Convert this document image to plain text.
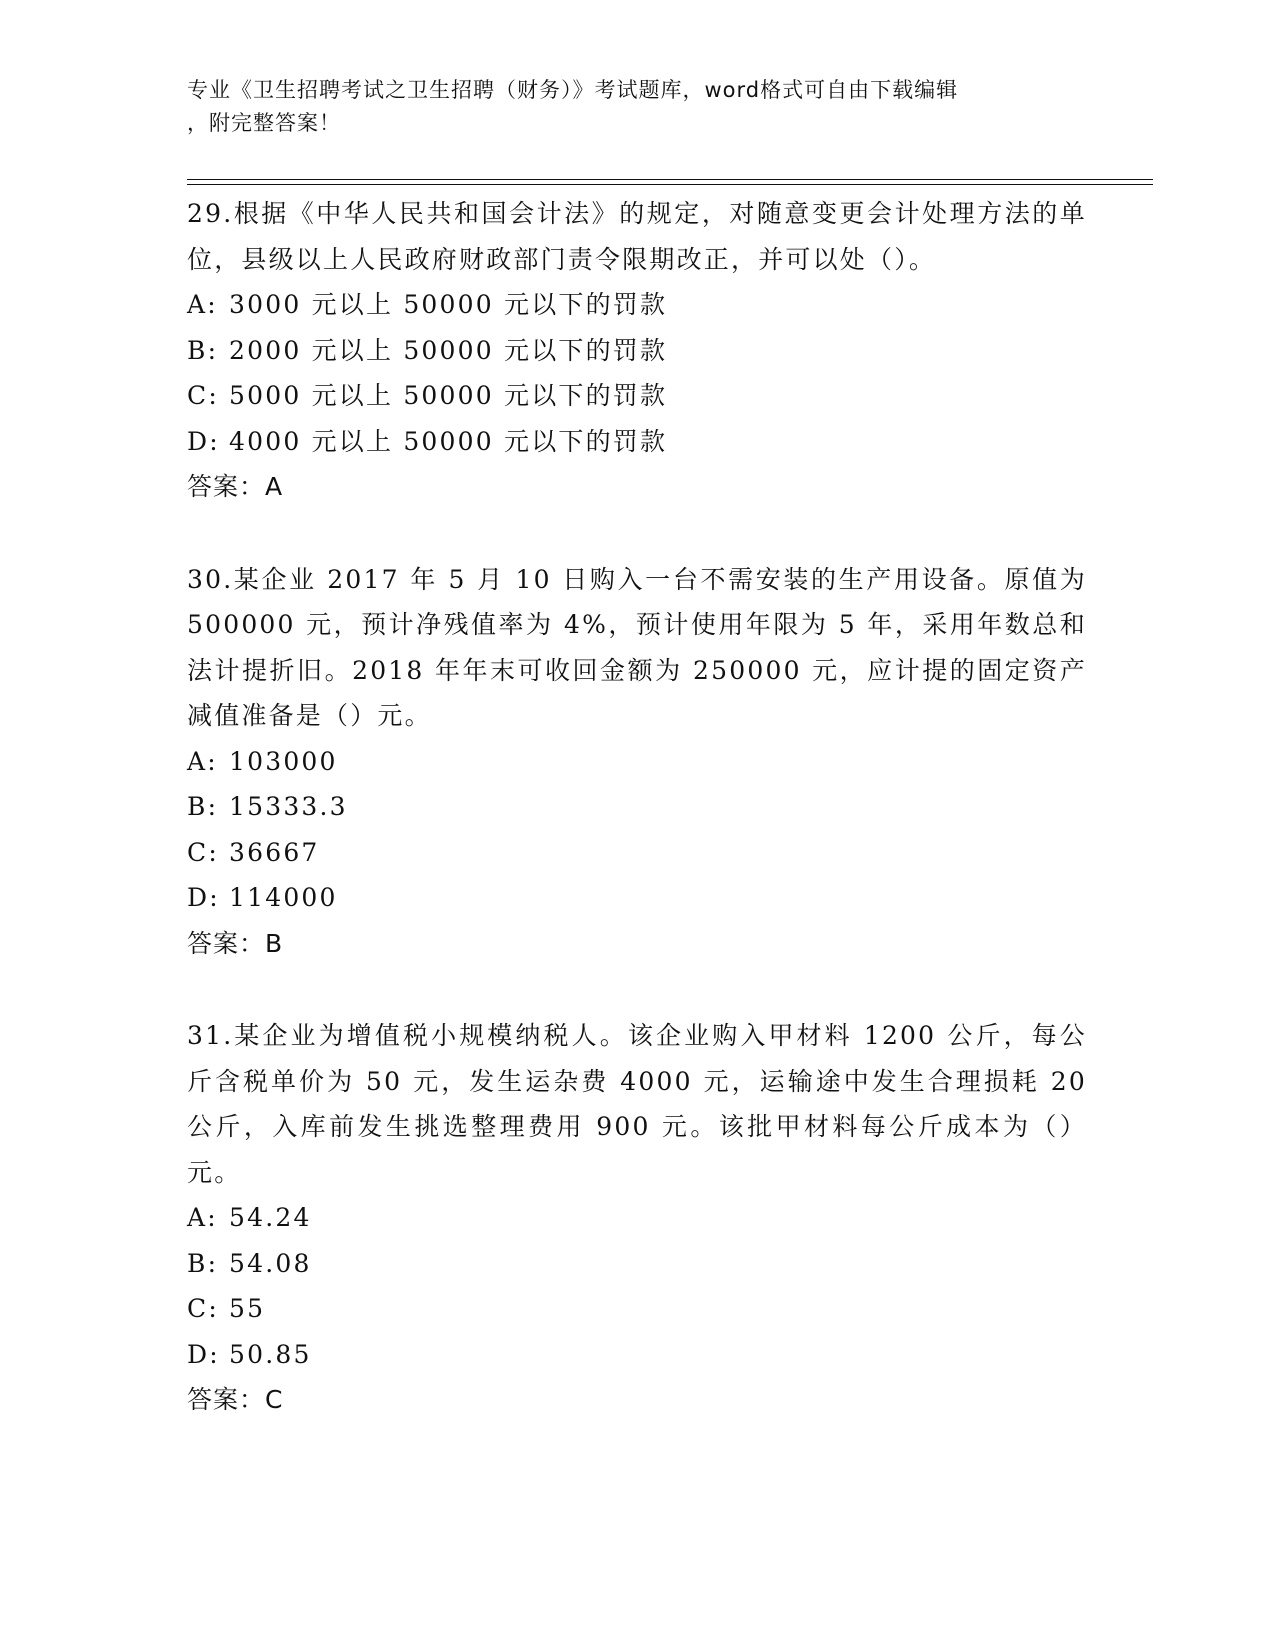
专业《卫生招聘考试之卫生招聘（财务）》考试题库，word格式可自由下载编辑
，附完整答案！

29.根据《中华人民共和国会计法》的规定，对随意变更会计处理方法的单位，县级以上人民政府财政部门责令限期改正，并可以处（）。

A: 3000 元以上 50000 元以下的罚款

B: 2000 元以上 50000 元以下的罚款

C: 5000 元以上 50000 元以下的罚款

D: 4000 元以上 50000 元以下的罚款

答案：A

30.某企业 2017 年 5 月 10 日购入一台不需安装的生产用设备。原值为 500000 元，预计净残值率为 4%，预计使用年限为 5 年，采用年数总和法计提折旧。2018 年年末可收回金额为 250000 元，应计提的固定资产减值准备是（）元。

A: 103000

B: 15333.3

C: 36667

D: 114000

答案：B

31.某企业为增值税小规模纳税人。该企业购入甲材料 1200 公斤，每公斤含税单价为 50 元，发生运杂费 4000 元，运输途中发生合理损耗 20 公斤，入库前发生挑选整理费用 900 元。该批甲材料每公斤成本为（）元。

A: 54.24

B: 54.08

C: 55

D: 50.85

答案：C
